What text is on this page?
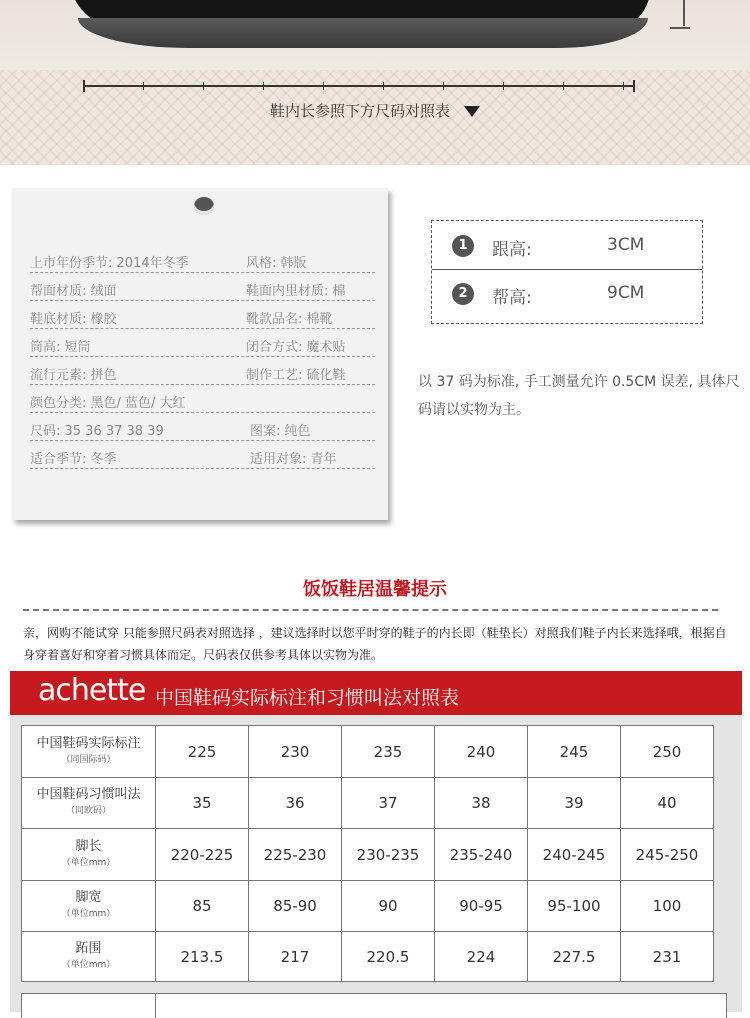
鞋内长参照下方尺码对照表
上市年份季节: 2014年冬季	风格: 韩版
帮面材质: 绒面	鞋面内里材质: 棉
鞋底材质: 橡胶	靴款品名: 棉靴
筒高: 短筒	闭合方式: 魔术贴
流行元素: 拼色	制作工艺: 硫化鞋
颜色分类: 黑色/ 蓝色/ 大红
尺码: 35 36 37 38 39	图案: 纯色
适合季节: 冬季	适用对象: 青年
1	跟高:	3CM
2	帮高:	9CM
以 37 码为标准, 手工测量允许 0.5CM 误差, 具体尺码请以实物为主。
饭饭鞋居温馨提示
亲，网购不能试穿 只能参照尺码表对照选择 ，建议选择时以您平时穿的鞋子的内长即（鞋垫长）对照我们鞋子内长来选择哦，根据自身穿着喜好和穿着习惯具体而定。尺码表仅供参考具体以实物为准。
achette 中国鞋码实际标注和习惯叫法对照表
中国鞋码实际标注
（同国际码）	225	230	235	240	245	250
中国鞋码习惯叫法
（同欧码）	35	36	37	38	39	40
脚长
（单位mm）	220-225	225-230	230-235	235-240	240-245	245-250
脚宽
（单位mm）	85	85-90	90	90-95	95-100	100
跖围
（单位mm）	213.5	217	220.5	224	227.5	231
